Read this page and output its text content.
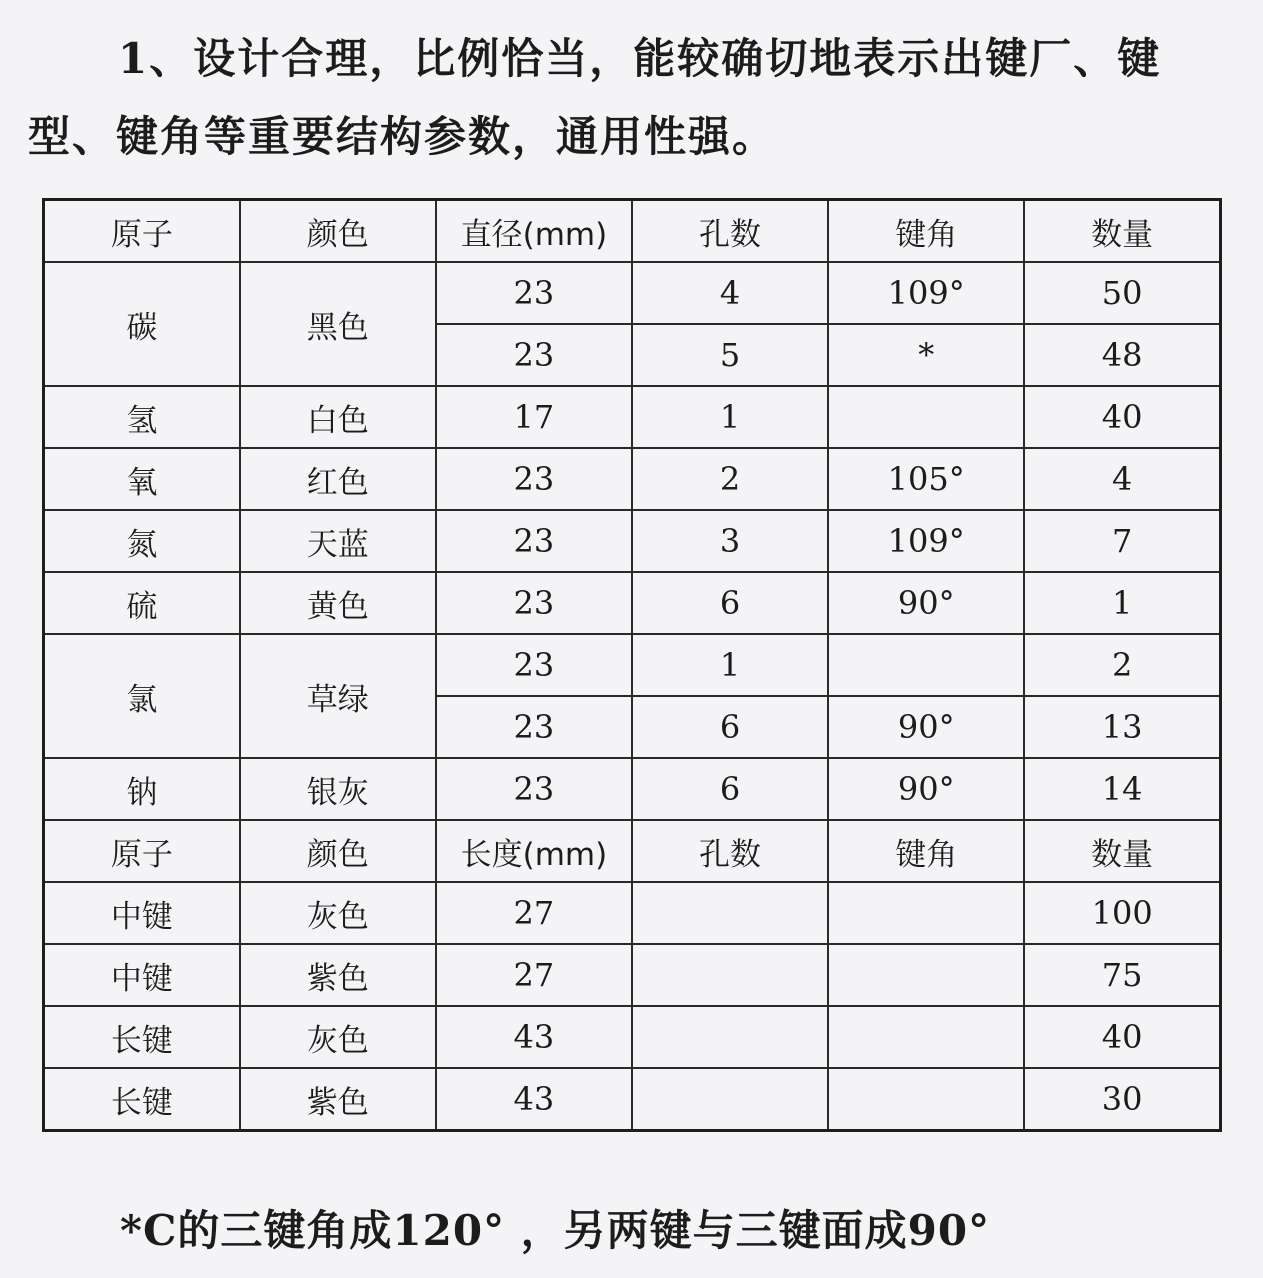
1、设计合理，比例恰当，能较确切地表示出键厂、键型、键角等重要结构参数，通用性强。
原子	颜色	直径(mm)	孔数	键角	数量
碳	黑色	23	4	109°	50
		23	5	*	48
氢	白色	17	1		40
氧	红色	23	2	105°	4
氮	天蓝	23	3	109°	7
硫	黄色	23	6	90°	1
氯	草绿	23	1		2
		23	6	90°	13
钠	银灰	23	6	90°	14
原子	颜色	长度(mm)	孔数	键角	数量
中键	灰色	27			100
中键	紫色	27			75
长键	灰色	43			40
长键	紫色	43			30
*C的三键角成120° ，另两键与三键面成90°
